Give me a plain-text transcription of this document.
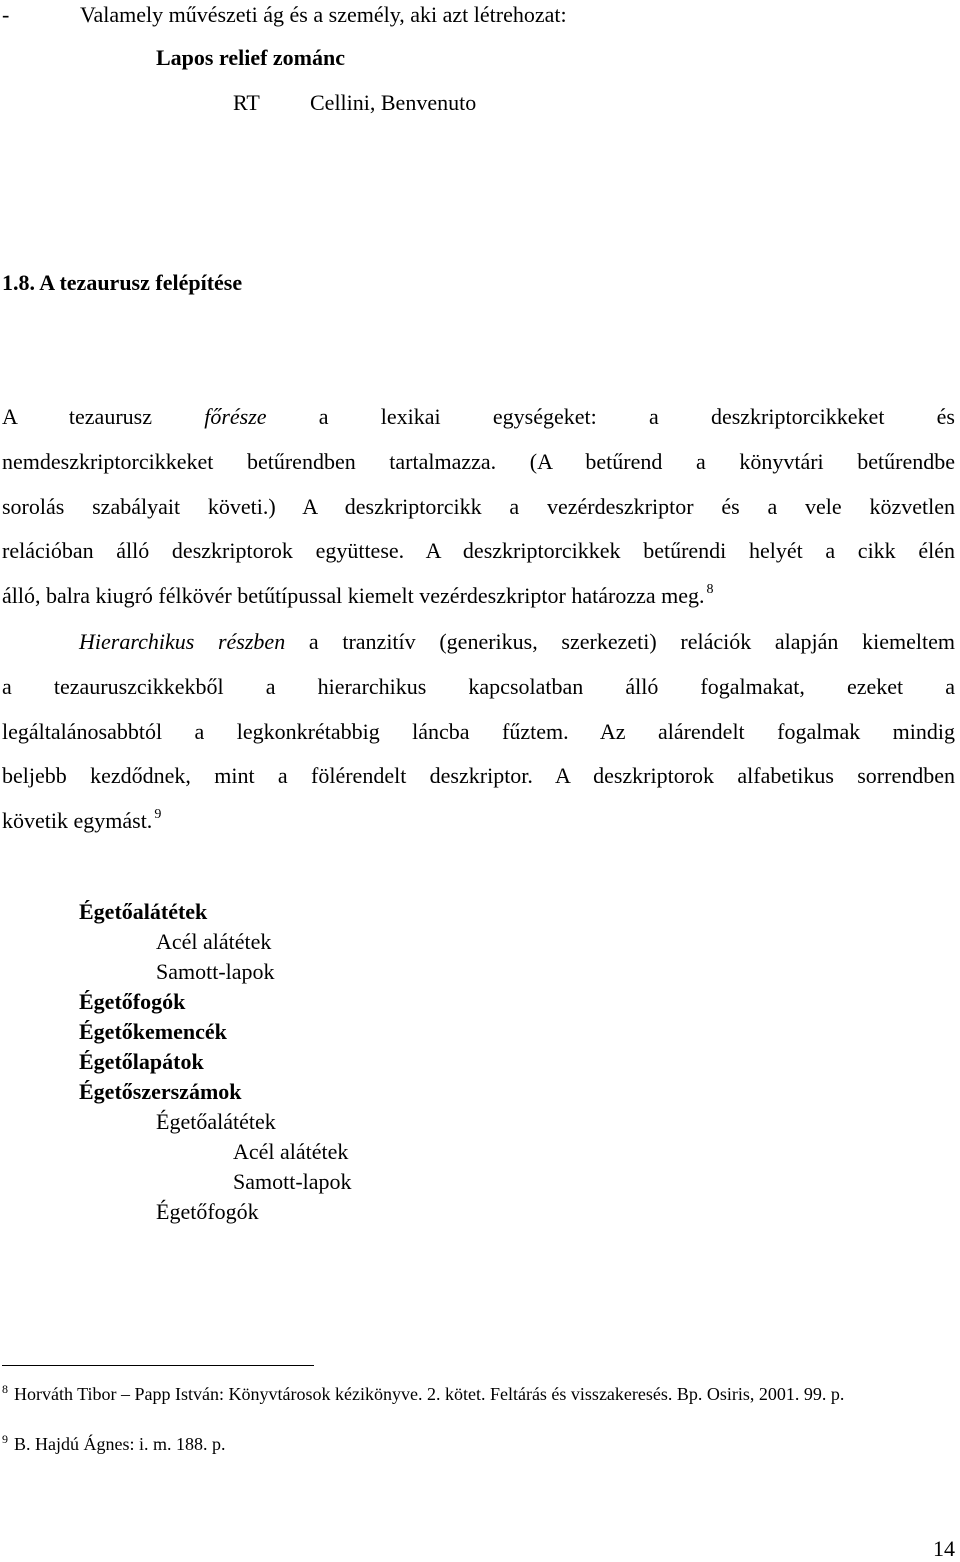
-	Valamely művészeti ág és a személy, aki azt létrehozat:
Lapos relief zománc
RT Cellini, Benvenuto
1.8. A tezaurusz felépítése
A tezaurusz főrésze a lexikai egységeket: a deszkriptorcikkeket és
nemdeszkriptorcikkeket betűrendben tartalmazza. (A betűrend a könyvtári betűrendbe
sorolás szabályait követi.) A deszkriptorcikk a vezérdeszkriptor és a vele közvetlen
relációban álló deszkriptorok együttese. A deszkriptorcikkek betűrendi helyét a cikk élén
álló, balra kiugró félkövér betűtípussal kiemelt vezérdeszkriptor határozza meg. $^8$
Hierarchikus részben a tranzitív (generikus, szerkezeti) relációk alapján kiemeltem
a tezauruszcikkekből a hierarchikus kapcsolatban álló fogalmakat, ezeket a
legáltalánosabbtól a legkonkrétabbig láncba fűztem. Az alárendelt fogalmak mindig
beljebb kezdődnek, mint a fölérendelt deszkriptor. A deszkriptorok alfabetikus sorrendben
követik egymást. $^9$
Égetőalátétek
Acél alátétek
Samott-lapok
Égetőfogók
Égetőkemencék
Égetőlapátok
Égetőszerszámok
Égetőalátétek
Acél alátétek
Samott-lapok
Égetőfogók
$^8$ Horváth Tibor – Papp István: Könyvtárosok kézikönyve. 2. kötet. Feltárás és visszakeresés. Bp. Osiris, 2001. 99. p.
$^9$ B. Hajdú Ágnes: i. m. 188. p.
14
